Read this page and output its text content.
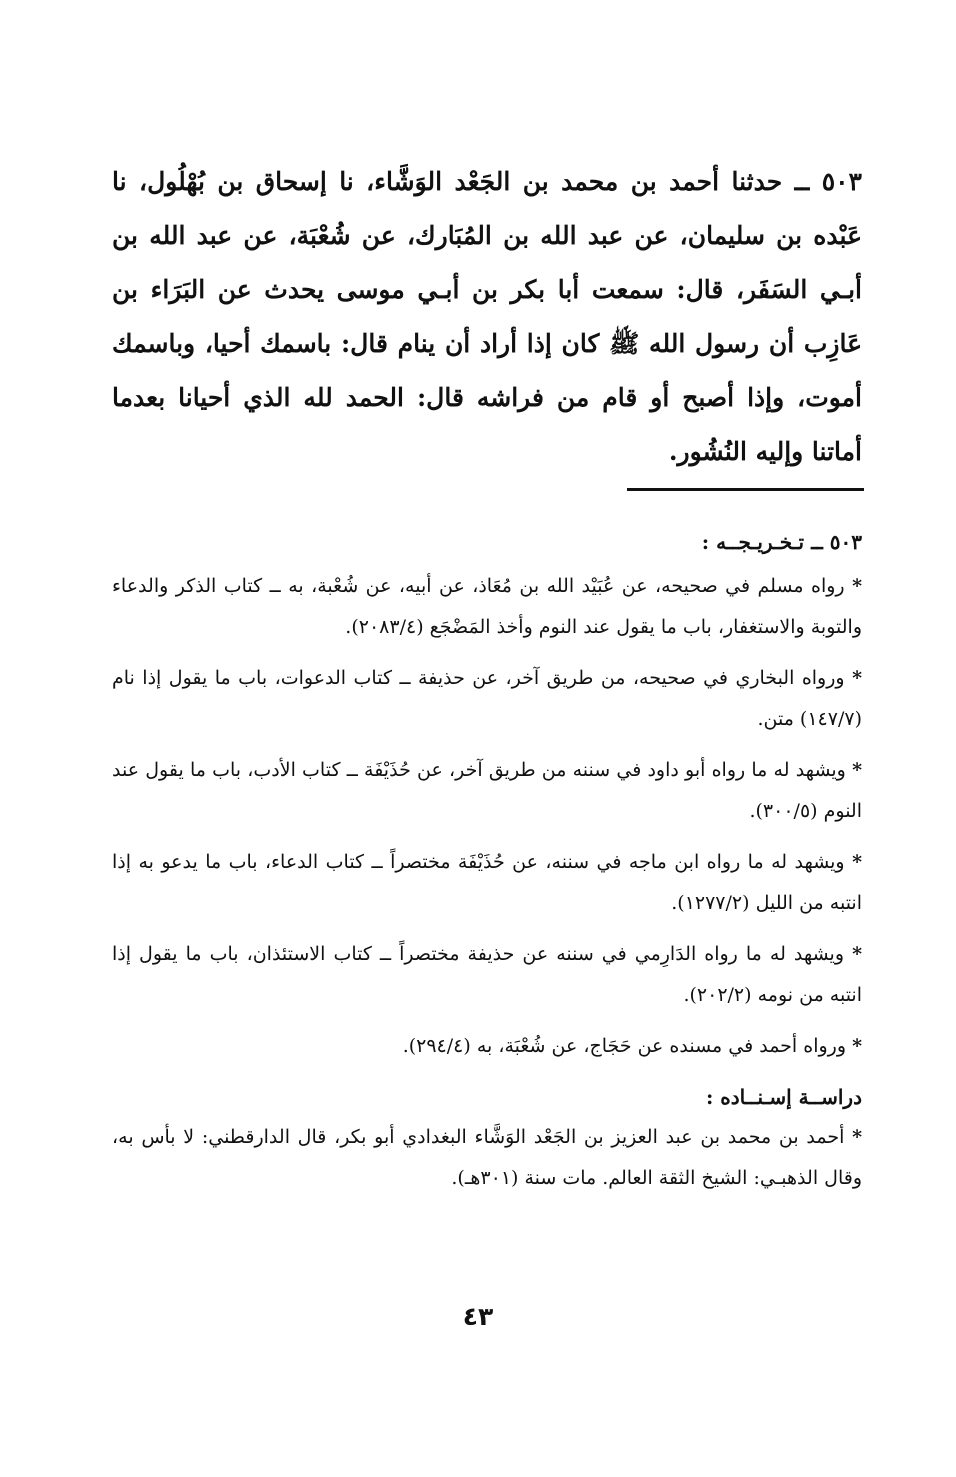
٥٠٣ ــ حدثنا أحمد بن محمد بن الجَعْد الوَشَّاء، نا إسحاق بن بُهْلُول، نا عَبْده بن سليمان، عن عبد الله بن المُبَارك، عن شُعْبَة، عن عبد الله بن أبـي السَفَر، قال: سمعت أبا بكر بن أبـي موسى يحدث عن البَرَاء بن عَازِب أن رسول الله ﷺ كان إذا أراد أن ينام قال: باسمك أحيا، وباسمك أموت، وإذا أصبح أو قام من فراشه قال: الحمد لله الذي أحيانا بعدما أماتنا وإليه النُشُور.
٥٠٣ ــ تـخـريـجــه :

* رواه مسلم في صحيحه، عن عُبَيْد الله بن مُعَاذ، عن أبيه، عن شُعْبة، به ــ كتاب الذكر والدعاء والتوبة والاستغفار، باب ما يقول عند النوم وأخذ المَضْجَع (٢٠٨٣/٤).

* ورواه البخاري في صحيحه، من طريق آخر، عن حذيفة ــ كتاب الدعوات، باب ما يقول إذا نام (١٤٧/٧) متن.

* ويشهد له ما رواه أبو داود في سننه من طريق آخر، عن حُذَيْفَة ــ كتاب الأدب، باب ما يقول عند النوم (٣٠٠/٥).

* ويشهد له ما رواه ابن ماجه في سننه، عن حُذَيْفَة مختصراً ــ كتاب الدعاء، باب ما يدعو به إذا انتبه من الليل (١٢٧٧/٢).

* ويشهد له ما رواه الدَارِمي في سننه عن حذيفة مختصراً ــ كتاب الاستئذان، باب ما يقول إذا انتبه من نومه (٢٠٢/٢).

* ورواه أحمد في مسنده عن حَجَاج، عن شُعْبَة، به (٢٩٤/٤).

دراســة إسـنــاده :

* أحمد بن محمد بن عبد العزيز بن الجَعْد الوَشَّاء البغدادي أبو بكر، قال الدارقطني: لا بأس به، وقال الذهبـي: الشيخ الثقة العالم. مات سنة (٣٠١هـ).

٤٣
